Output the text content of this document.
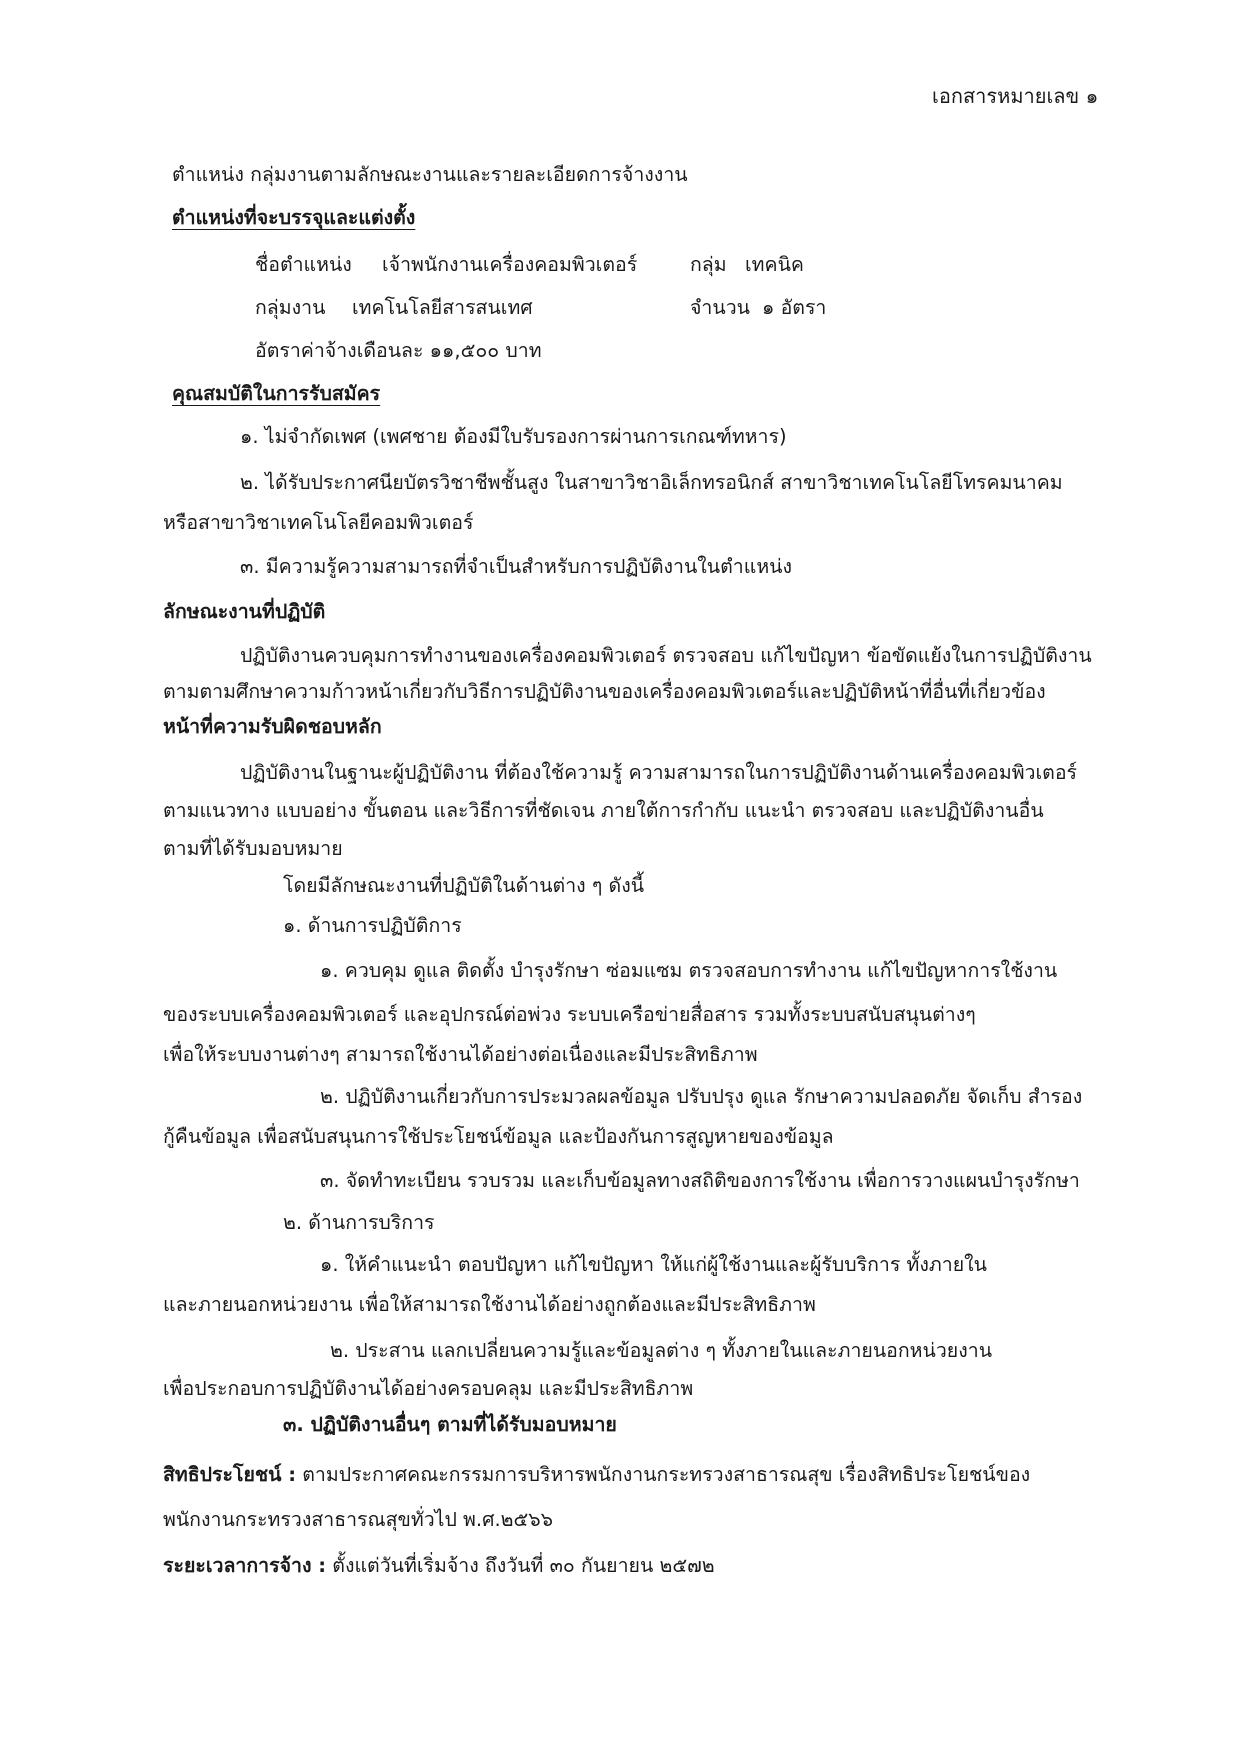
เอกสารหมายเลข ๑
ตำแหน่ง กลุ่มงานตามลักษณะงานและรายละเอียดการจ้างงาน
ตำแหน่งที่จะบรรจุและแต่งตั้ง
ชื่อตำแหน่ง เจ้าพนักงานเครื่องคอมพิวเตอร์	กลุ่ม เทคนิค
กลุ่มงาน เทคโนโลยีสารสนเทศ	จำนวน ๑ อัตรา
อัตราค่าจ้างเดือนละ ๑๑,๕๐๐ บาท
คุณสมบัติในการรับสมัคร
๑. ไม่จำกัดเพศ (เพศชาย ต้องมีใบรับรองการผ่านการเกณฑ์ทหาร)
๒. ได้รับประกาศนียบัตรวิชาชีพชั้นสูง ในสาขาวิชาอิเล็กทรอนิกส์ สาขาวิชาเทคโนโลยีโทรคมนาคม
หรือสาขาวิชาเทคโนโลยีคอมพิวเตอร์
๓. มีความรู้ความสามารถที่จำเป็นสำหรับการปฏิบัติงานในตำแหน่ง
ลักษณะงานที่ปฏิบัติ
ปฏิบัติงานควบคุมการทำงานของเครื่องคอมพิวเตอร์ ตรวจสอบ แก้ไขปัญหา ข้อขัดแย้งในการปฏิบัติงาน
ตามตามศึกษาความก้าวหน้าเกี่ยวกับวิธีการปฏิบัติงานของเครื่องคอมพิวเตอร์และปฏิบัติหน้าที่อื่นที่เกี่ยวข้อง
หน้าที่ความรับผิดชอบหลัก
ปฏิบัติงานในฐานะผู้ปฏิบัติงาน ที่ต้องใช้ความรู้ ความสามารถในการปฏิบัติงานด้านเครื่องคอมพิวเตอร์
ตามแนวทาง แบบอย่าง ขั้นตอน และวิธีการที่ชัดเจน ภายใต้การกำกับ แนะนำ ตรวจสอบ และปฏิบัติงานอื่น
ตามที่ได้รับมอบหมาย
โดยมีลักษณะงานที่ปฏิบัติในด้านต่าง ๆ ดังนี้
๑. ด้านการปฏิบัติการ
๑. ควบคุม ดูแล ติดตั้ง บำรุงรักษา ซ่อมแซม ตรวจสอบการทำงาน แก้ไขปัญหาการใช้งาน
ของระบบเครื่องคอมพิวเตอร์ และอุปกรณ์ต่อพ่วง ระบบเครือข่ายสื่อสาร รวมทั้งระบบสนับสนุนต่างๆ
เพื่อให้ระบบงานต่างๆ สามารถใช้งานได้อย่างต่อเนื่องและมีประสิทธิภาพ
๒. ปฏิบัติงานเกี่ยวกับการประมวลผลข้อมูล ปรับปรุง ดูแล รักษาความปลอดภัย จัดเก็บ สำรอง
กู้คืนข้อมูล เพื่อสนับสนุนการใช้ประโยชน์ข้อมูล และป้องกันการสูญหายของข้อมูล
๓. จัดทำทะเบียน รวบรวม และเก็บข้อมูลทางสถิติของการใช้งาน เพื่อการวางแผนบำรุงรักษา
๒. ด้านการบริการ
๑. ให้คำแนะนำ ตอบปัญหา แก้ไขปัญหา ให้แก่ผู้ใช้งานและผู้รับบริการ ทั้งภายใน
และภายนอกหน่วยงาน เพื่อให้สามารถใช้งานได้อย่างถูกต้องและมีประสิทธิภาพ
๒. ประสาน แลกเปลี่ยนความรู้และข้อมูลต่าง ๆ ทั้งภายในและภายนอกหน่วยงาน
เพื่อประกอบการปฏิบัติงานได้อย่างครอบคลุม และมีประสิทธิภาพ
๓. ปฏิบัติงานอื่นๆ ตามที่ได้รับมอบหมาย
สิทธิประโยชน์ : ตามประกาศคณะกรรมการบริหารพนักงานกระทรวงสาธารณสุข เรื่องสิทธิประโยชน์ของ
พนักงานกระทรวงสาธารณสุขทั่วไป พ.ศ.๒๕๖๖
ระยะเวลาการจ้าง : ตั้งแต่วันที่เริ่มจ้าง ถึงวันที่ ๓๐ กันยายน ๒๕๗๒
